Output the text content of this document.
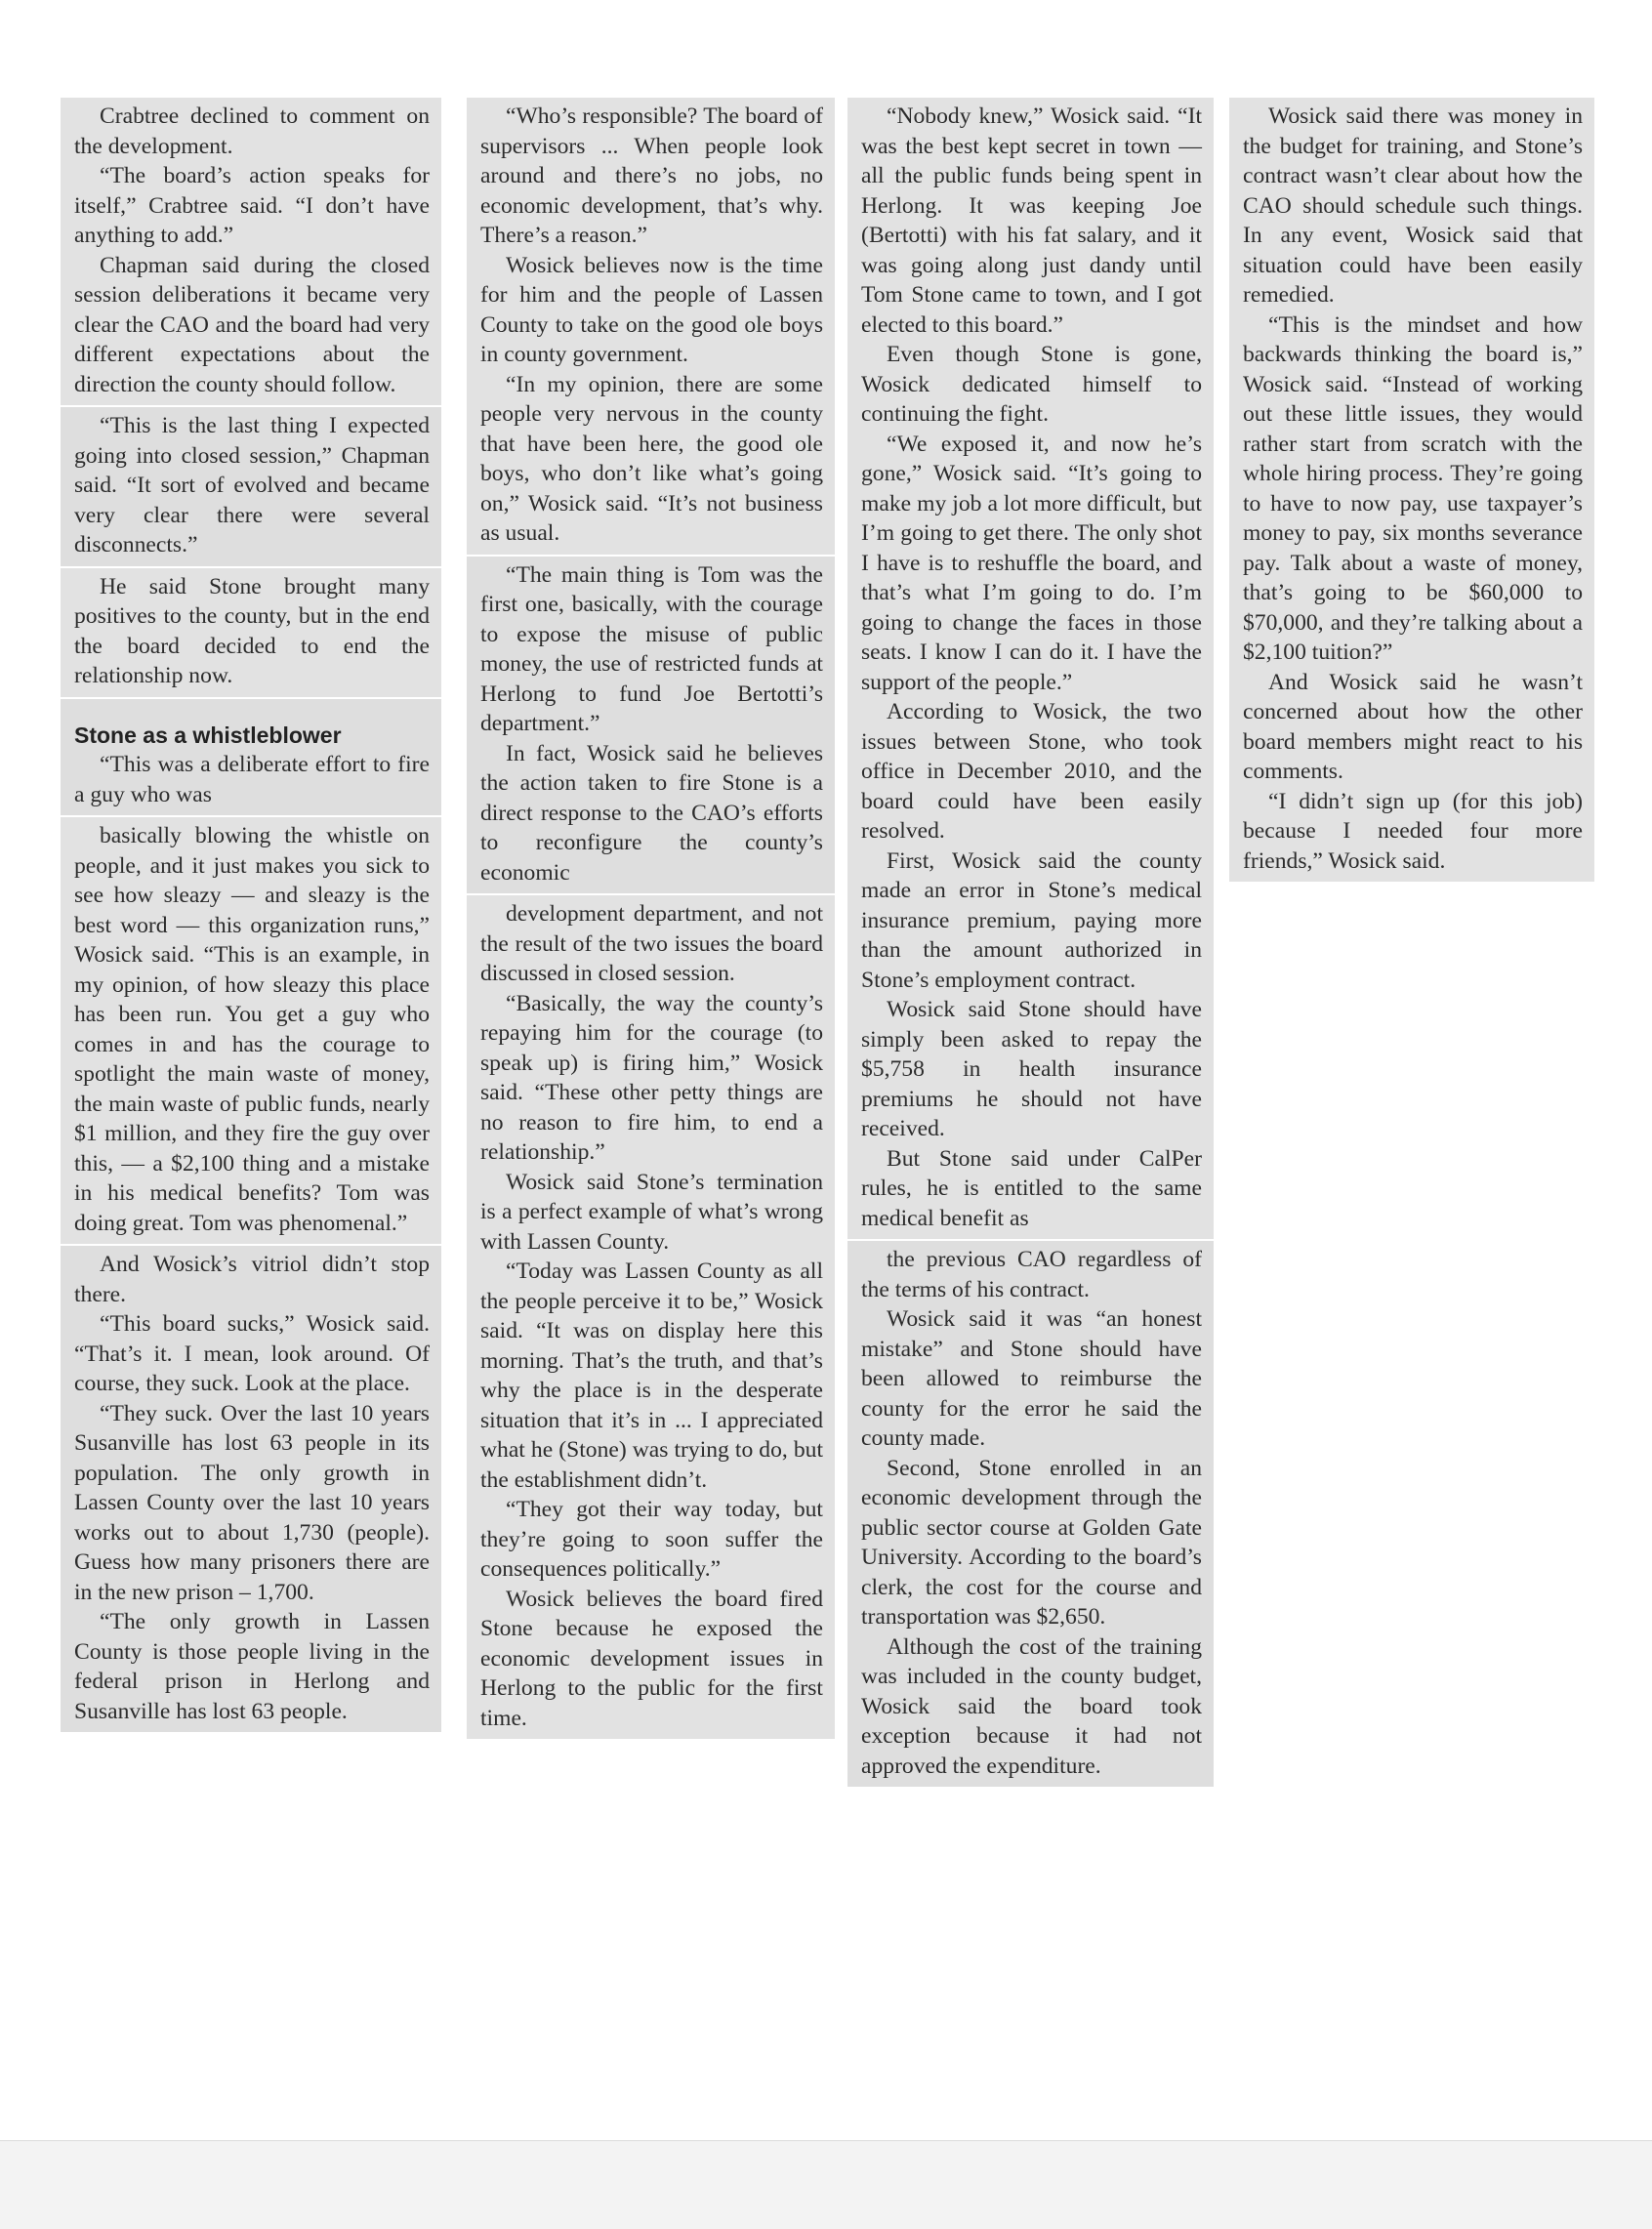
Crabtree declined to comment on the development.

“The board’s action speaks for itself,” Crabtree said. “I don’t have anything to add.”

Chapman said during the closed session deliberations it became very clear the CAO and the board had very different expectations about the direction the county should follow.

“This is the last thing I expected going into closed session,” Chapman said. “It sort of evolved and became very clear there were several disconnects.”

He said Stone brought many positives to the county, but in the end the board decided to end the relationship now.

Stone as a whistleblower

“This was a deliberate effort to fire a guy who was

basically blowing the whistle on people, and it just makes you sick to see how sleazy — and sleazy is the best word — this organization runs,” Wosick said. “This is an example, in my opinion, of how sleazy this place has been run. You get a guy who comes in and has the courage to spotlight the main waste of money, the main waste of public funds, nearly $1 million, and they fire the guy over this, — a $2,100 thing and a mistake in his medical benefits? Tom was doing great. Tom was phenomenal.”

And Wosick’s vitriol didn’t stop there.

“This board sucks,” Wosick said. “That’s it. I mean, look around. Of course, they suck. Look at the place.

“They suck. Over the last 10 years Susanville has lost 63 people in its population. The only growth in Lassen County over the last 10 years works out to about 1,730 (people). Guess how many prisoners there are in the new prison – 1,700.

“The only growth in Lassen County is those people living in the federal prison in Herlong and Susanville has lost 63 people.

“Who’s responsible? The board of supervisors ... When people look around and there’s no jobs, no economic development, that’s why. There’s a reason.”

Wosick believes now is the time for him and the people of Lassen County to take on the good ole boys in county government.

“In my opinion, there are some people very nervous in the county that have been here, the good ole boys, who don’t like what’s going on,” Wosick said. “It’s not business as usual.

“The main thing is Tom was the first one, basically, with the courage to expose the misuse of public money, the use of restricted funds at Herlong to fund Joe Bertotti’s department.”

In fact, Wosick said he believes the action taken to fire Stone is a direct response to the CAO’s efforts to reconfigure the county’s economic

development department, and not the result of the two issues the board discussed in closed session.

“Basically, the way the county’s repaying him for the courage (to speak up) is firing him,” Wosick said. “These other petty things are no reason to fire him, to end a relationship.”

Wosick said Stone’s termination is a perfect example of what’s wrong with Lassen County.

“Today was Lassen County as all the people perceive it to be,” Wosick said. “It was on display here this morning. That’s the truth, and that’s why the place is in the desperate situation that it’s in ... I appreciated what he (Stone) was trying to do, but the establishment didn’t.

“They got their way today, but they’re going to soon suffer the consequences politically.”

Wosick believes the board fired Stone because he exposed the economic development issues in Herlong to the public for the first time.

“Nobody knew,” Wosick said. “It was the best kept secret in town — all the public funds being spent in Herlong. It was keeping Joe (Bertotti) with his fat salary, and it was going along just dandy until Tom Stone came to town, and I got elected to this board.”

Even though Stone is gone, Wosick dedicated himself to continuing the fight.

“We exposed it, and now he’s gone,” Wosick said. “It’s going to make my job a lot more difficult, but I’m going to get there. The only shot I have is to reshuffle the board, and that’s what I’m going to do. I’m going to change the faces in those seats. I know I can do it. I have the support of the people.”

According to Wosick, the two issues between Stone, who took office in December 2010, and the board could have been easily resolved.

First, Wosick said the county made an error in Stone’s medical insurance premium, paying more than the amount authorized in Stone’s employment contract.

Wosick said Stone should have simply been asked to repay the $5,758 in health insurance premiums he should not have received.

But Stone said under CalPer rules, he is entitled to the same medical benefit as

the previous CAO regardless of the terms of his contract.

Wosick said it was “an honest mistake” and Stone should have been allowed to reimburse the county for the error he said the county made.

Second, Stone enrolled in an economic development through the public sector course at Golden Gate University. According to the board’s clerk, the cost for the course and transportation was $2,650.

Although the cost of the training was included in the county budget, Wosick said the board took exception because it had not approved the expenditure.

Wosick said there was money in the budget for training, and Stone’s contract wasn’t clear about how the CAO should schedule such things. In any event, Wosick said that situation could have been easily remedied.

“This is the mindset and how backwards thinking the board is,” Wosick said. “Instead of working out these little issues, they would rather start from scratch with the whole hiring process. They’re going to have to now pay, use taxpayer’s money to pay, six months severance pay. Talk about a waste of money, that’s going to be $60,000 to $70,000, and they’re talking about a $2,100 tuition?”

And Wosick said he wasn’t concerned about how the other board members might react to his comments.

“I didn’t sign up (for this job) because I needed four more friends,” Wosick said.
